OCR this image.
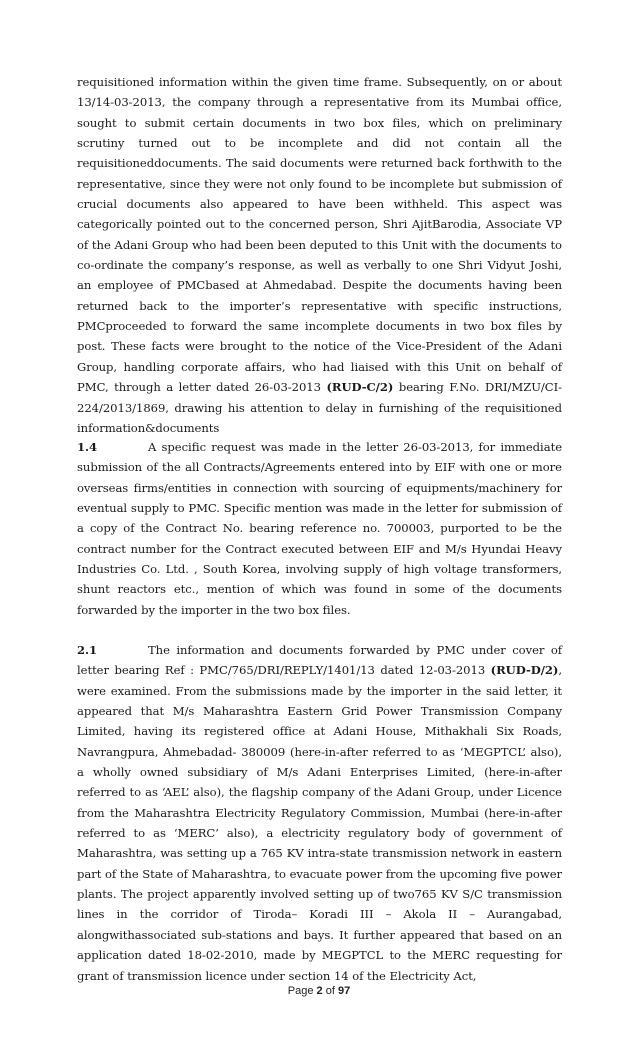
requisitioned information within the given time frame. Subsequently, on or about 13/14-03-2013, the company through a representative from its Mumbai office, sought to submit certain documents in two box files, which on preliminary scrutiny turned out to be incomplete and did not contain all the requisitioneddocuments. The said documents were returned back forthwith to the representative, since they were not only found to be incomplete but submission of crucial documents also appeared to have been withheld. This aspect was categorically pointed out to the concerned person, Shri AjitBarodia, Associate VP of the Adani Group who had been been deputed to this Unit with the documents to co-ordinate the company’s response, as well as verbally to one Shri Vidyut Joshi, an employee of PMCbased at Ahmedabad. Despite the documents having been returned back to the importer’s representative with specific instructions, PMCproceeded to forward the same incomplete documents in two box files by post. These facts were brought to the notice of the Vice-President of the Adani Group, handling corporate affairs, who had liaised with this Unit on behalf of PMC, through a letter dated 26-03-2013 (RUD-C/2) bearing F.No. DRI/MZU/CI-224/2013/1869, drawing his attention to delay in furnishing of the requisitioned information&documents

1.4	A specific request was made in the letter 26-03-2013, for immediate submission of the all Contracts/Agreements entered into by EIF with one or more overseas firms/entities in connection with sourcing of equipments/machinery for eventual supply to PMC. Specific mention was made in the letter for submission of a copy of the Contract No. bearing reference no. 700003, purported to be the contract number for the Contract executed between EIF and M/s Hyundai Heavy Industries Co. Ltd. , South Korea, involving supply of high voltage transformers, shunt reactors etc., mention of which was found in some of the documents forwarded by the importer in the two box files.

2.1	The information and documents forwarded by PMC under cover of letter bearing Ref : PMC/765/DRI/REPLY/1401/13 dated 12-03-2013 (RUD-D/2), were examined. From the submissions made by the importer in the said letter, it appeared that M/s Maharashtra Eastern Grid Power Transmission Company Limited, having its registered office at Adani House, Mithakhali Six Roads, Navrangpura, Ahmebadad- 380009 (here-in-after referred to as ‘MEGPTCL’ also), a wholly owned subsidiary of M/s Adani Enterprises Limited, (here-in-after referred to as ‘AEL’ also), the flagship company of the Adani Group, under Licence from the Maharashtra Electricity Regulatory Commission, Mumbai (here-in-after referred to as ‘MERC’ also), a electricity regulatory body of government of Maharashtra, was setting up a 765 KV intra-state transmission network in eastern part of the State of Maharashtra, to evacuate power from the upcoming five power plants. The project apparently involved setting up of two765 KV S/C transmission lines in the corridor of Tiroda– Koradi III – Akola II – Aurangabad, alongwithassociated sub-stations and bays. It further appeared that based on an application dated 18-02-2010, made by MEGPTCL to the MERC requesting for grant of transmission licence under section 14 of the Electricity Act,

Page 2 of 97
